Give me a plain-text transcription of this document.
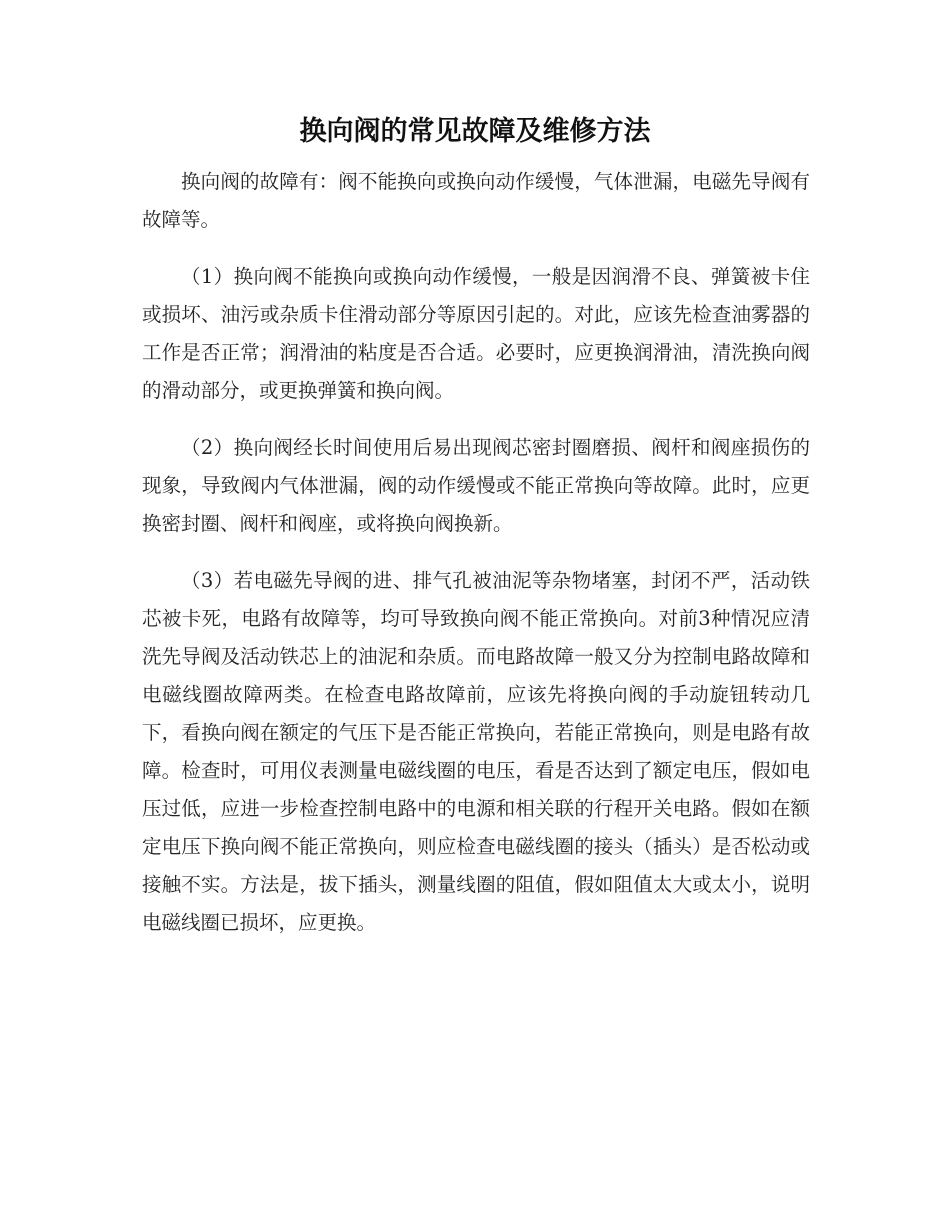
换向阀的常见故障及维修方法

换向阀的故障有：阀不能换向或换向动作缓慢，气体泄漏，电磁先导阀有故障等。

（1）换向阀不能换向或换向动作缓慢，一般是因润滑不良、弹簧被卡住或损坏、油污或杂质卡住滑动部分等原因引起的。对此，应该先检查油雾器的工作是否正常；润滑油的粘度是否合适。必要时，应更换润滑油，清洗换向阀的滑动部分，或更换弹簧和换向阀。

（2）换向阀经长时间使用后易出现阀芯密封圈磨损、阀杆和阀座损伤的现象，导致阀内气体泄漏，阀的动作缓慢或不能正常换向等故障。此时，应更换密封圈、阀杆和阀座，或将换向阀换新。

（3）若电磁先导阀的进、排气孔被油泥等杂物堵塞，封闭不严，活动铁芯被卡死，电路有故障等，均可导致换向阀不能正常换向。对前3种情况应清洗先导阀及活动铁芯上的油泥和杂质。而电路故障一般又分为控制电路故障和电磁线圈故障两类。在检查电路故障前，应该先将换向阀的手动旋钮转动几下，看换向阀在额定的气压下是否能正常换向，若能正常换向，则是电路有故障。检查时，可用仪表测量电磁线圈的电压，看是否达到了额定电压，假如电压过低，应进一步检查控制电路中的电源和相关联的行程开关电路。假如在额定电压下换向阀不能正常换向，则应检查电磁线圈的接头（插头）是否松动或接触不实。方法是，拔下插头，测量线圈的阻值，假如阻值太大或太小，说明电磁线圈已损坏，应更换。
